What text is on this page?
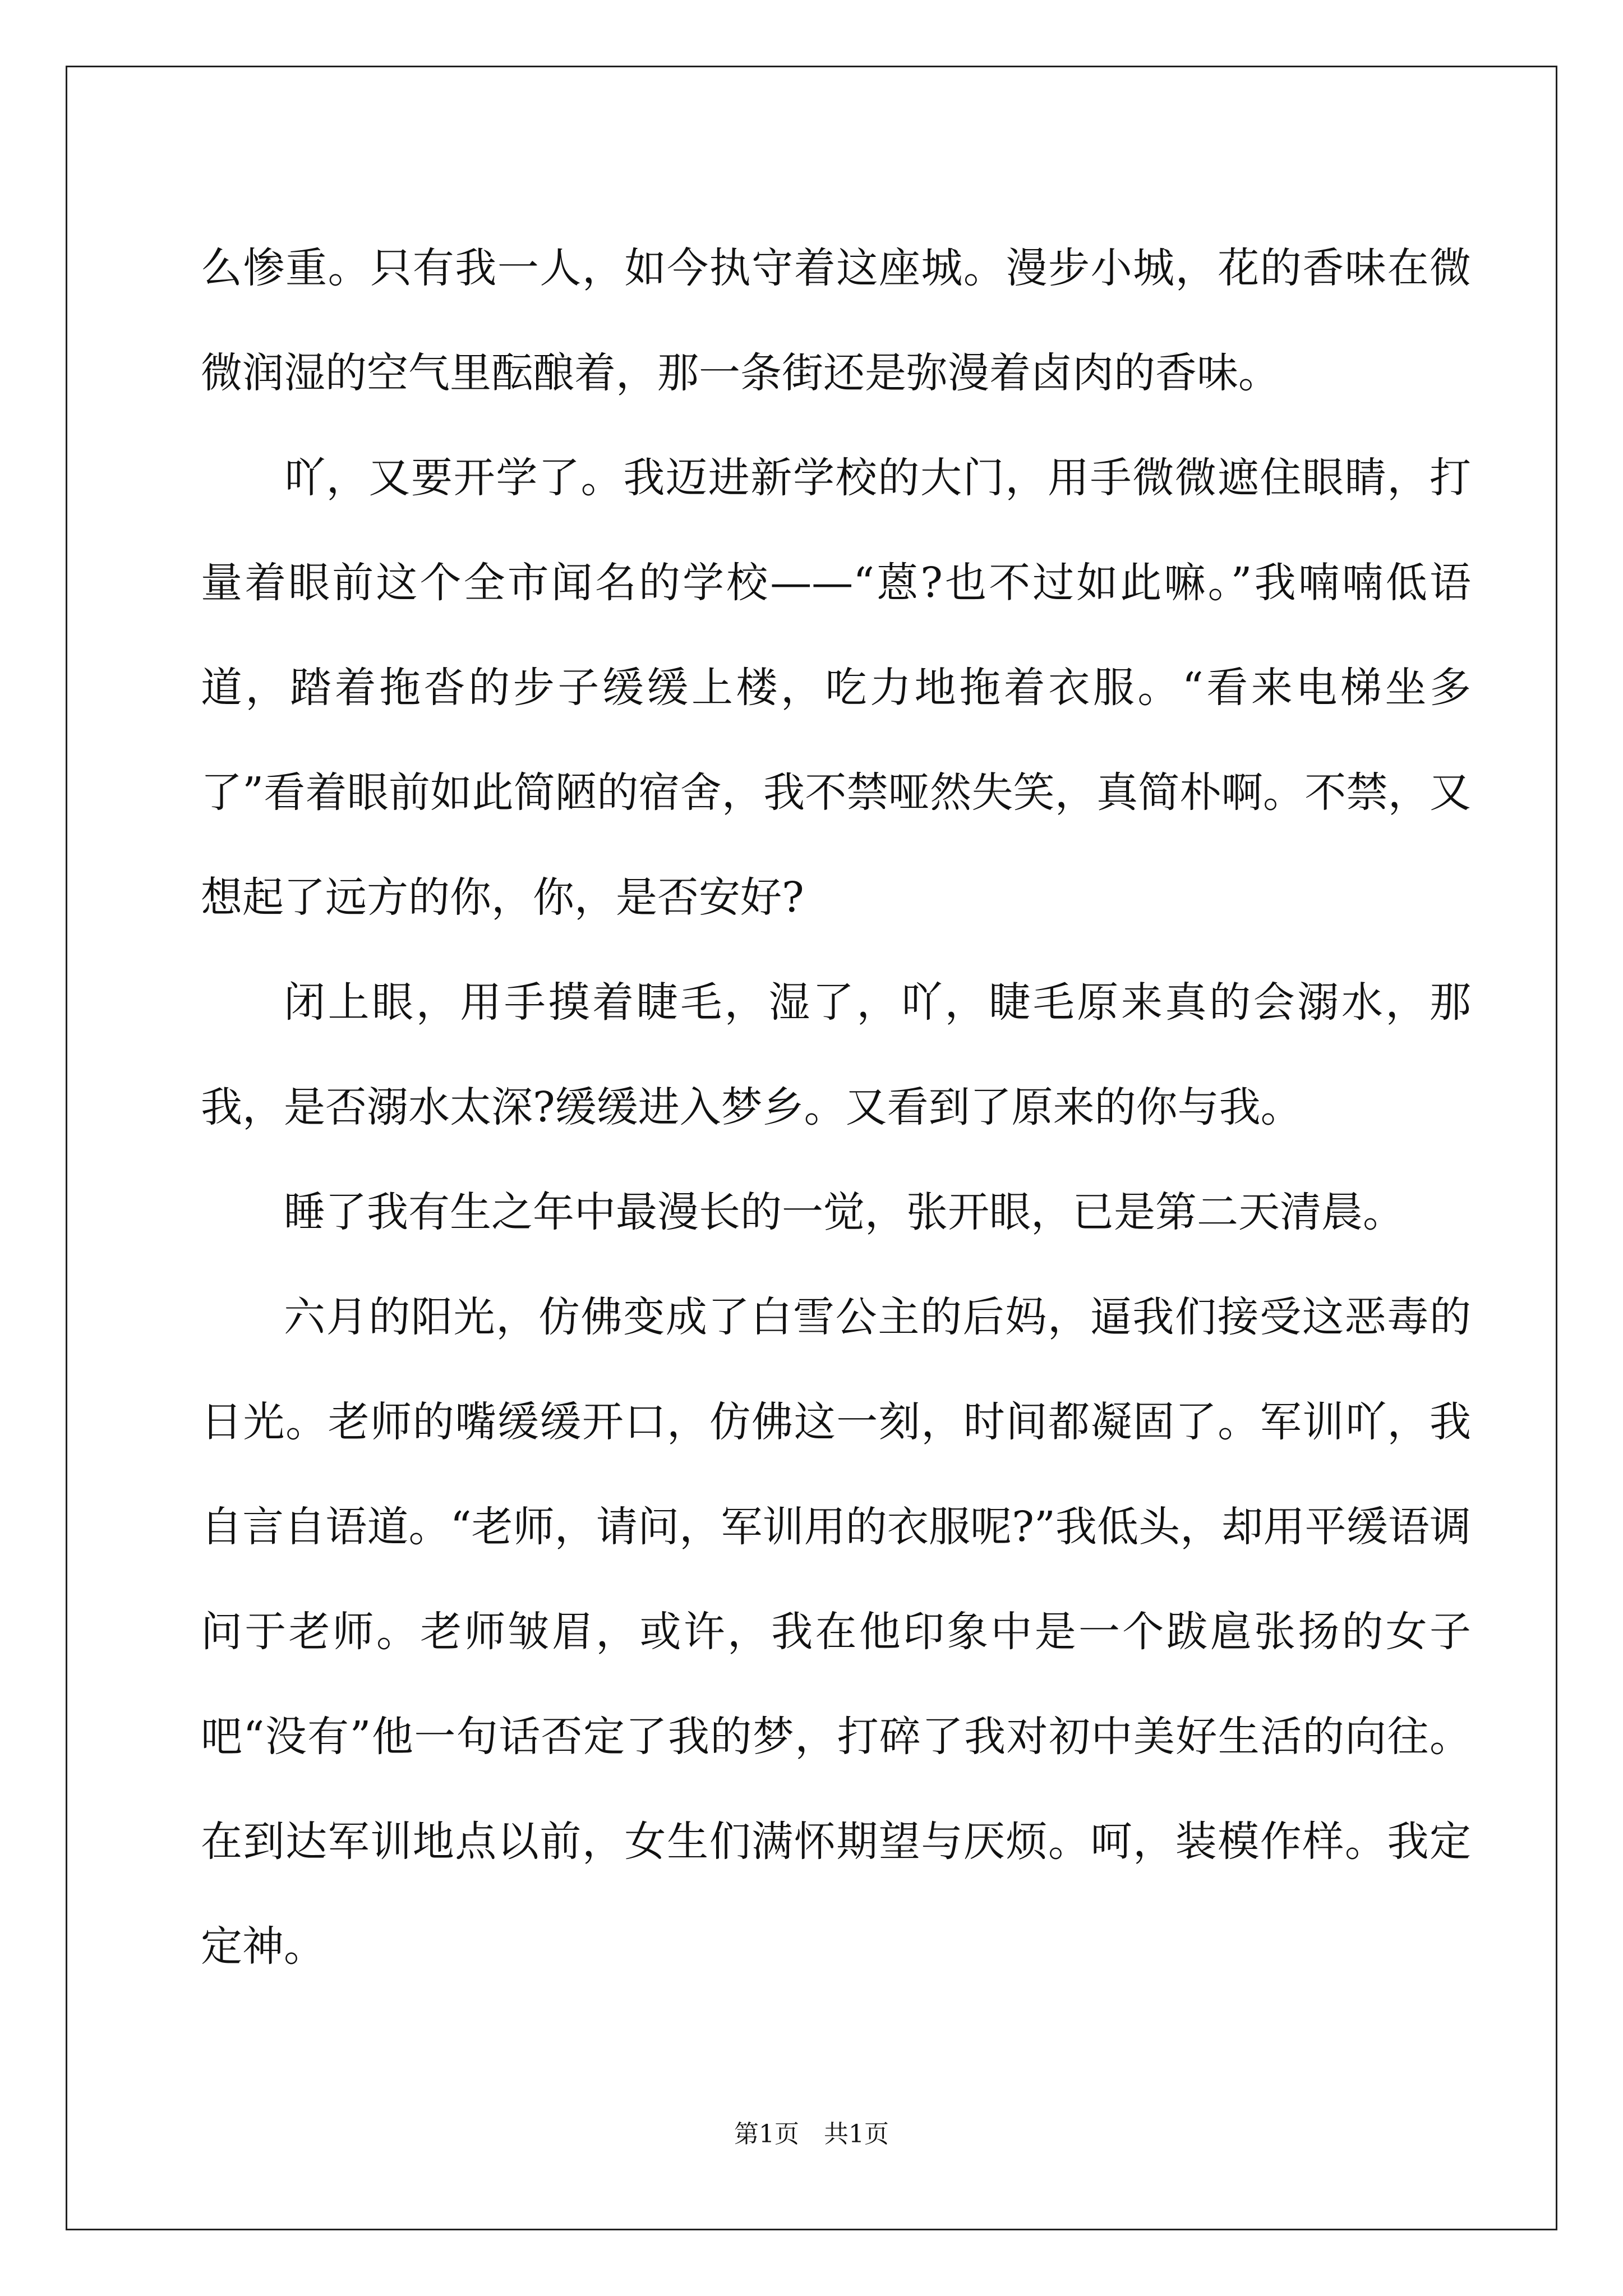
么惨重。只有我一人，如今执守着这座城。漫步小城，花的香味在微微润湿的空气里酝酿着，那一条街还是弥漫着卤肉的香味。

吖，又要开学了。我迈进新学校的大门，用手微微遮住眼睛，打量着眼前这个全市闻名的学校——“蒽?也不过如此嘛。”我喃喃低语道，踏着拖沓的步子缓缓上楼，吃力地拖着衣服。“看来电梯坐多了”看着眼前如此简陋的宿舍，我不禁哑然失笑，真简朴啊。不禁，又想起了远方的你，你，是否安好?

闭上眼，用手摸着睫毛，湿了，吖，睫毛原来真的会溺水，那我，是否溺水太深?缓缓进入梦乡。又看到了原来的你与我。

睡了我有生之年中最漫长的一觉，张开眼，已是第二天清晨。

六月的阳光，仿佛变成了白雪公主的后妈，逼我们接受这恶毒的日光。老师的嘴缓缓开口，仿佛这一刻，时间都凝固了。军训吖，我自言自语道。“老师，请问，军训用的衣服呢?”我低头，却用平缓语调问于老师。老师皱眉，或许，我在他印象中是一个跋扈张扬的女子吧“没有”他一句话否定了我的梦，打碎了我对初中美好生活的向往。在到达军训地点以前，女生们满怀期望与厌烦。呵，装模作样。我定定神。

第1页　共1页
